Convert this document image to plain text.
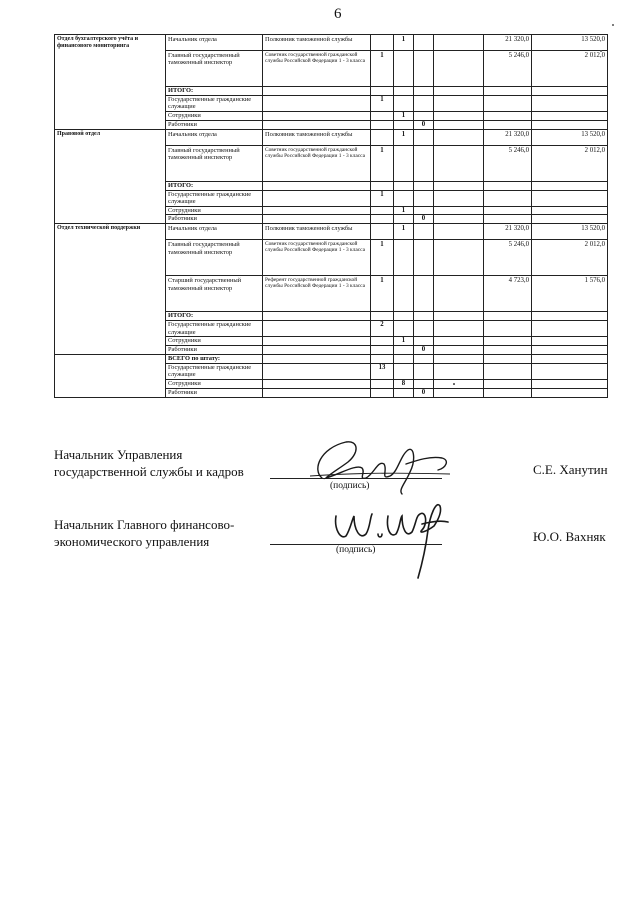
6
Отдел бухгалтерского учёта и финансового мониторинга	Начальник отдела	Полковник таможенной службы		1			21 320,0	13 520,0
	Главный государственный таможенный инспектор	Советник государственной гражданской службы Российской Федерации 1 - 3 класса	1				5 246,0	2 012,0
	ИТОГО:							
	Государственные гражданские служащие		1					
	Сотрудники			1				
	Работники				0			
Правовой отдел	Начальник отдела	Полковник таможенной службы		1			21 320,0	13 520,0
	Главный государственный таможенный инспектор	Советник государственной гражданской службы Российской Федерации 1 - 3 класса	1				5 246,0	2 012,0
	ИТОГО:							
	Государственные гражданские служащие		1					
	Сотрудники			1				
	Работники				0			
Отдел технической поддержки	Начальник отдела	Полковник таможенной службы		1			21 320,0	13 520,0
	Главный государственный таможенный инспектор	Советник государственной гражданской службы Российской Федерации 1 - 3 класса	1				5 246,0	2 012,0
	Старший государственный таможенный инспектор	Референт государственной гражданской службы Российской Федерации 1 - 3 класса	1				4 723,0	1 576,0
	ИТОГО:							
	Государственные гражданские служащие		2					
	Сотрудники			1				
	Работники				0			
	ВСЕГО по штату:							
	Государственные гражданские служащие		13					
	Сотрудники			8				
	Работники				0			
Начальник Управления
государственной службы и кадров
(подпись)
С.Е. Ханутин
Начальник Главного финансово-
экономического управления
(подпись)
Ю.О. Вахняк
